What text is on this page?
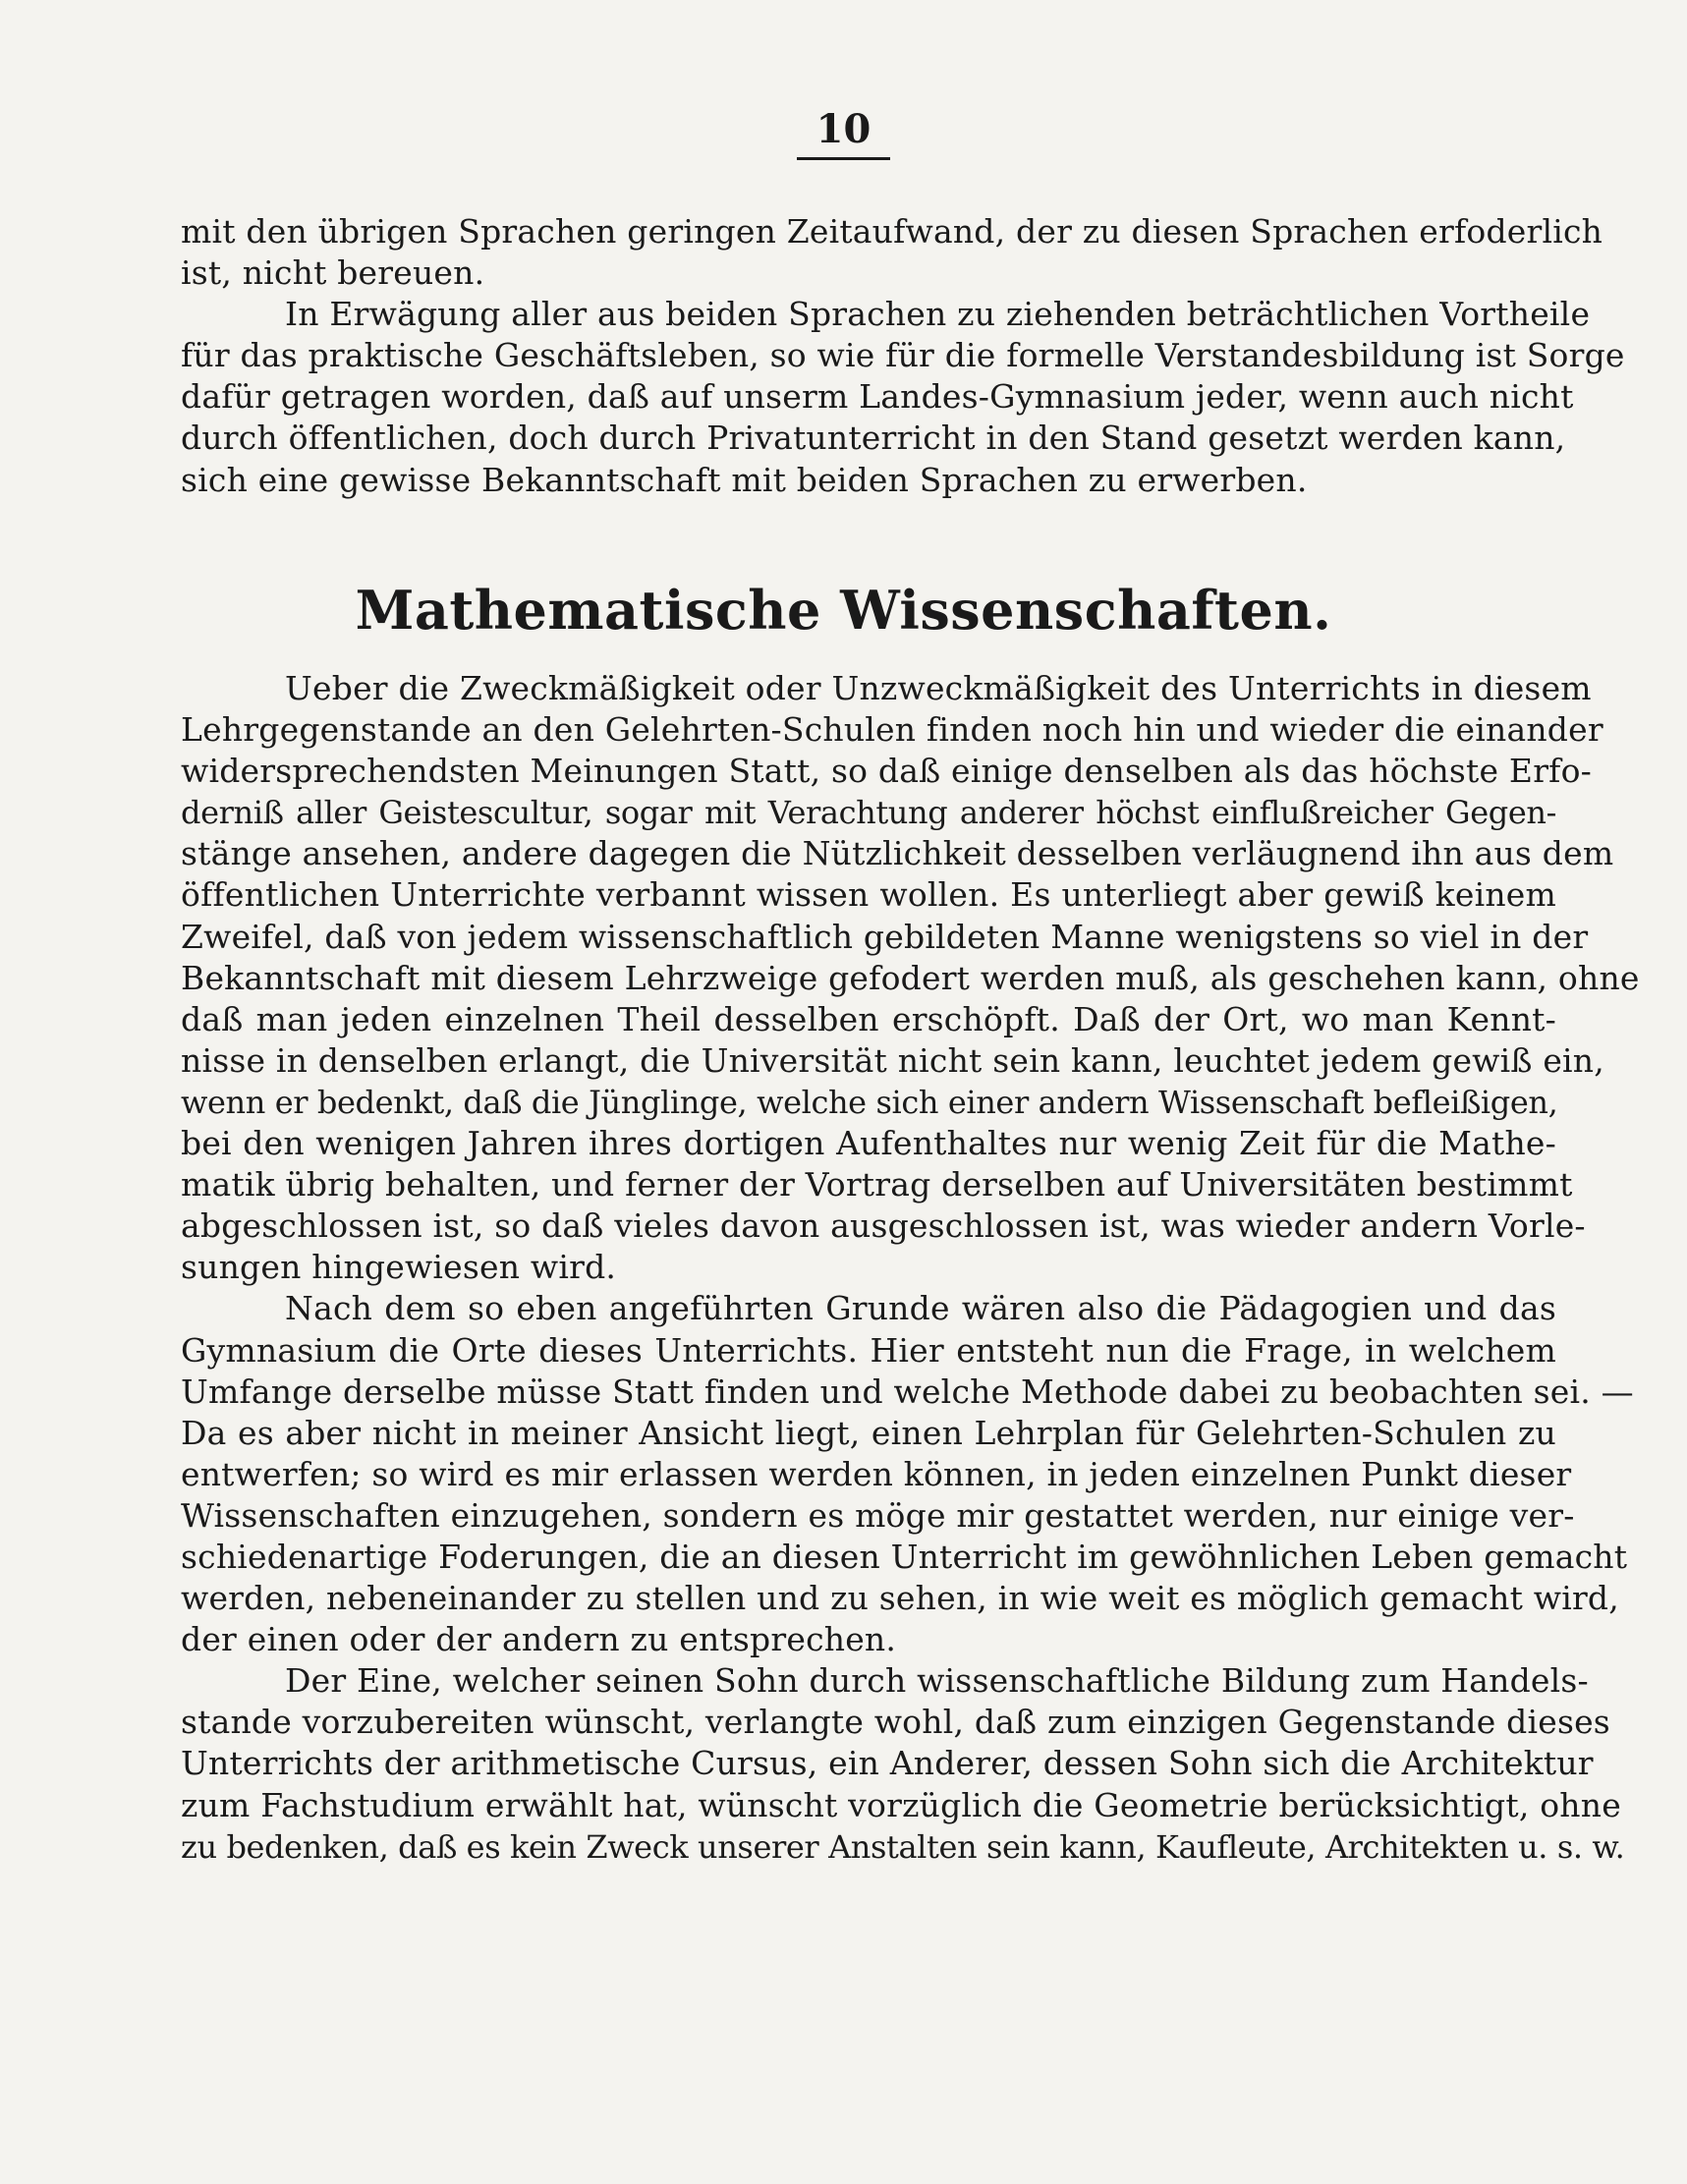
10
mit den übrigen Sprachen geringen Zeitaufwand, der zu diesen Sprachen erfoderlich
ist, nicht bereuen.
In Erwägung aller aus beiden Sprachen zu ziehenden beträchtlichen Vortheile
für das praktische Geschäftsleben, so wie für die formelle Verstandesbildung ist Sorge
dafür getragen worden, daß auf unserm Landes-Gymnasium jeder, wenn auch nicht
durch öffentlichen, doch durch Privatunterricht in den Stand gesetzt werden kann,
sich eine gewisse Bekanntschaft mit beiden Sprachen zu erwerben.
Mathematische Wissenschaften.
Ueber die Zweckmäßigkeit oder Unzweckmäßigkeit des Unterrichts in diesem
Lehrgegenstande an den Gelehrten-Schulen finden noch hin und wieder die einander
widersprechendsten Meinungen Statt, so daß einige denselben als das höchste Erfo-
derniß aller Geistescultur, sogar mit Verachtung anderer höchst einflußreicher Gegen-
stänge ansehen, andere dagegen die Nützlichkeit desselben verläugnend ihn aus dem
öffentlichen Unterrichte verbannt wissen wollen. Es unterliegt aber gewiß keinem
Zweifel, daß von jedem wissenschaftlich gebildeten Manne wenigstens so viel in der
Bekanntschaft mit diesem Lehrzweige gefodert werden muß, als geschehen kann, ohne
daß man jeden einzelnen Theil desselben erschöpft. Daß der Ort, wo man Kennt-
nisse in denselben erlangt, die Universität nicht sein kann, leuchtet jedem gewiß ein,
wenn er bedenkt, daß die Jünglinge, welche sich einer andern Wissenschaft befleißigen,
bei den wenigen Jahren ihres dortigen Aufenthaltes nur wenig Zeit für die Mathe-
matik übrig behalten, und ferner der Vortrag derselben auf Universitäten bestimmt
abgeschlossen ist, so daß vieles davon ausgeschlossen ist, was wieder andern Vorle-
sungen hingewiesen wird.
Nach dem so eben angeführten Grunde wären also die Pädagogien und das
Gymnasium die Orte dieses Unterrichts. Hier entsteht nun die Frage, in welchem
Umfange derselbe müsse Statt finden und welche Methode dabei zu beobachten sei. —
Da es aber nicht in meiner Ansicht liegt, einen Lehrplan für Gelehrten-Schulen zu
entwerfen; so wird es mir erlassen werden können, in jeden einzelnen Punkt dieser
Wissenschaften einzugehen, sondern es möge mir gestattet werden, nur einige ver-
schiedenartige Foderungen, die an diesen Unterricht im gewöhnlichen Leben gemacht
werden, nebeneinander zu stellen und zu sehen, in wie weit es möglich gemacht wird,
der einen oder der andern zu entsprechen.
Der Eine, welcher seinen Sohn durch wissenschaftliche Bildung zum Handels-
stande vorzubereiten wünscht, verlangte wohl, daß zum einzigen Gegenstande dieses
Unterrichts der arithmetische Cursus, ein Anderer, dessen Sohn sich die Architektur
zum Fachstudium erwählt hat, wünscht vorzüglich die Geometrie berücksichtigt, ohne
zu bedenken, daß es kein Zweck unserer Anstalten sein kann, Kaufleute, Architekten u. s. w.
